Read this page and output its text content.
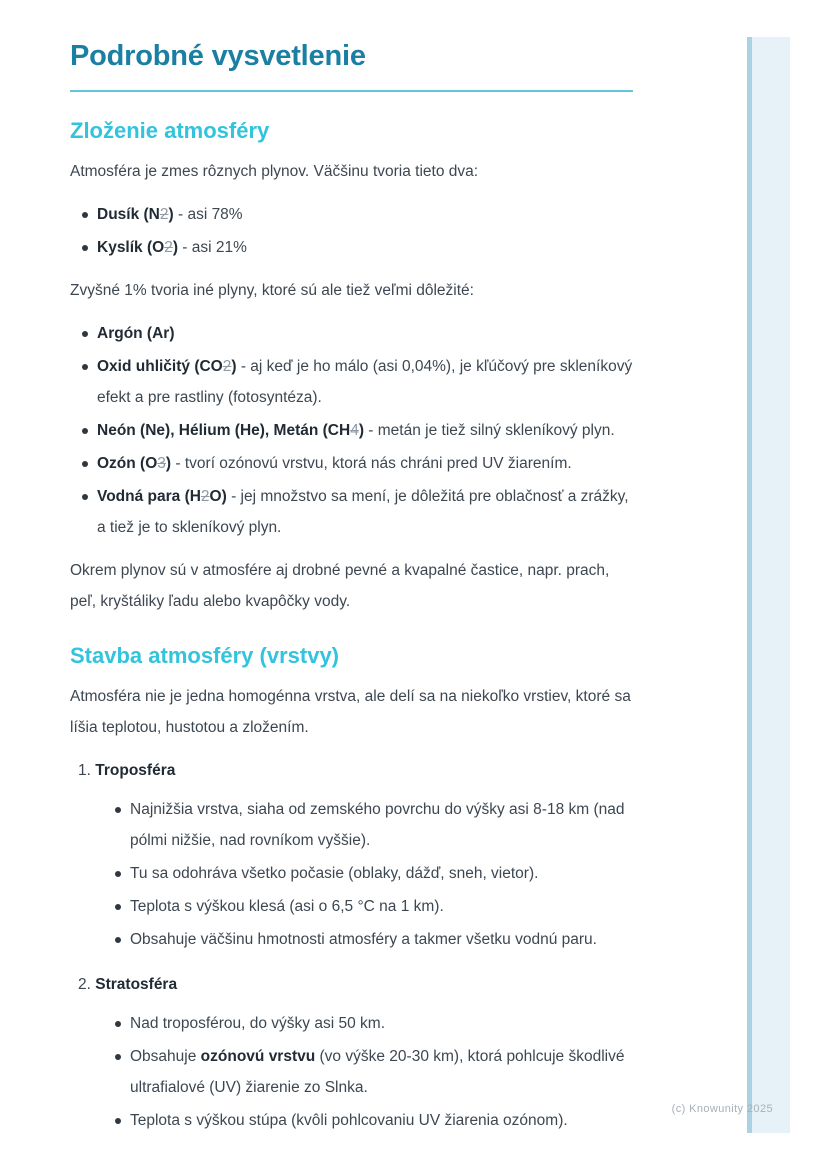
Podrobné vysvetlenie
Zloženie atmosféry

Atmosféra je zmes rôznych plynov. Väčšinu tvoria tieto dva:

Dusík (N2) - asi 78%
Kyslík (O2) - asi 21%

Zvyšné 1% tvoria iné plyny, ktoré sú ale tiež veľmi dôležité:

Argón (Ar)
Oxid uhličitý (CO2) - aj keď je ho málo (asi 0,04%), je kľúčový pre skleníkový efekt a pre rastliny (fotosyntéza).
Neón (Ne), Hélium (He), Metán (CH4) - metán je tiež silný skleníkový plyn.
Ozón (O3) - tvorí ozónovú vrstvu, ktorá nás chráni pred UV žiarením.
Vodná para (H2O) - jej množstvo sa mení, je dôležitá pre oblačnosť a zrážky, a tiež je to skleníkový plyn.

Okrem plynov sú v atmosfére aj drobné pevné a kvapalné častice, napr. prach, peľ, kryštáliky ľadu alebo kvapôčky vody.

Stavba atmosféry (vrstvy)

Atmosféra nie je jedna homogénna vrstva, ale delí sa na niekoľko vrstiev, ktoré sa líšia teplotou, hustotou a zložením.

1. Troposféra
Najnižšia vrstva, siaha od zemského povrchu do výšky asi 8-18 km (nad pólmi nižšie, nad rovníkom vyššie).
Tu sa odohráva všetko počasie (oblaky, dážď, sneh, vietor).
Teplota s výškou klesá (asi o 6,5 °C na 1 km).
Obsahuje väčšinu hmotnosti atmosféry a takmer všetku vodnú paru.
2. Stratosféra
Nad troposférou, do výšky asi 50 km.
Obsahuje ozónovú vrstvu (vo výške 20-30 km), ktorá pohlcuje škodlivé ultrafialové (UV) žiarenie zo Slnka.
Teplota s výškou stúpa (kvôli pohlcovaniu UV žiarenia ozónom).
(c) Knowunity 2025
